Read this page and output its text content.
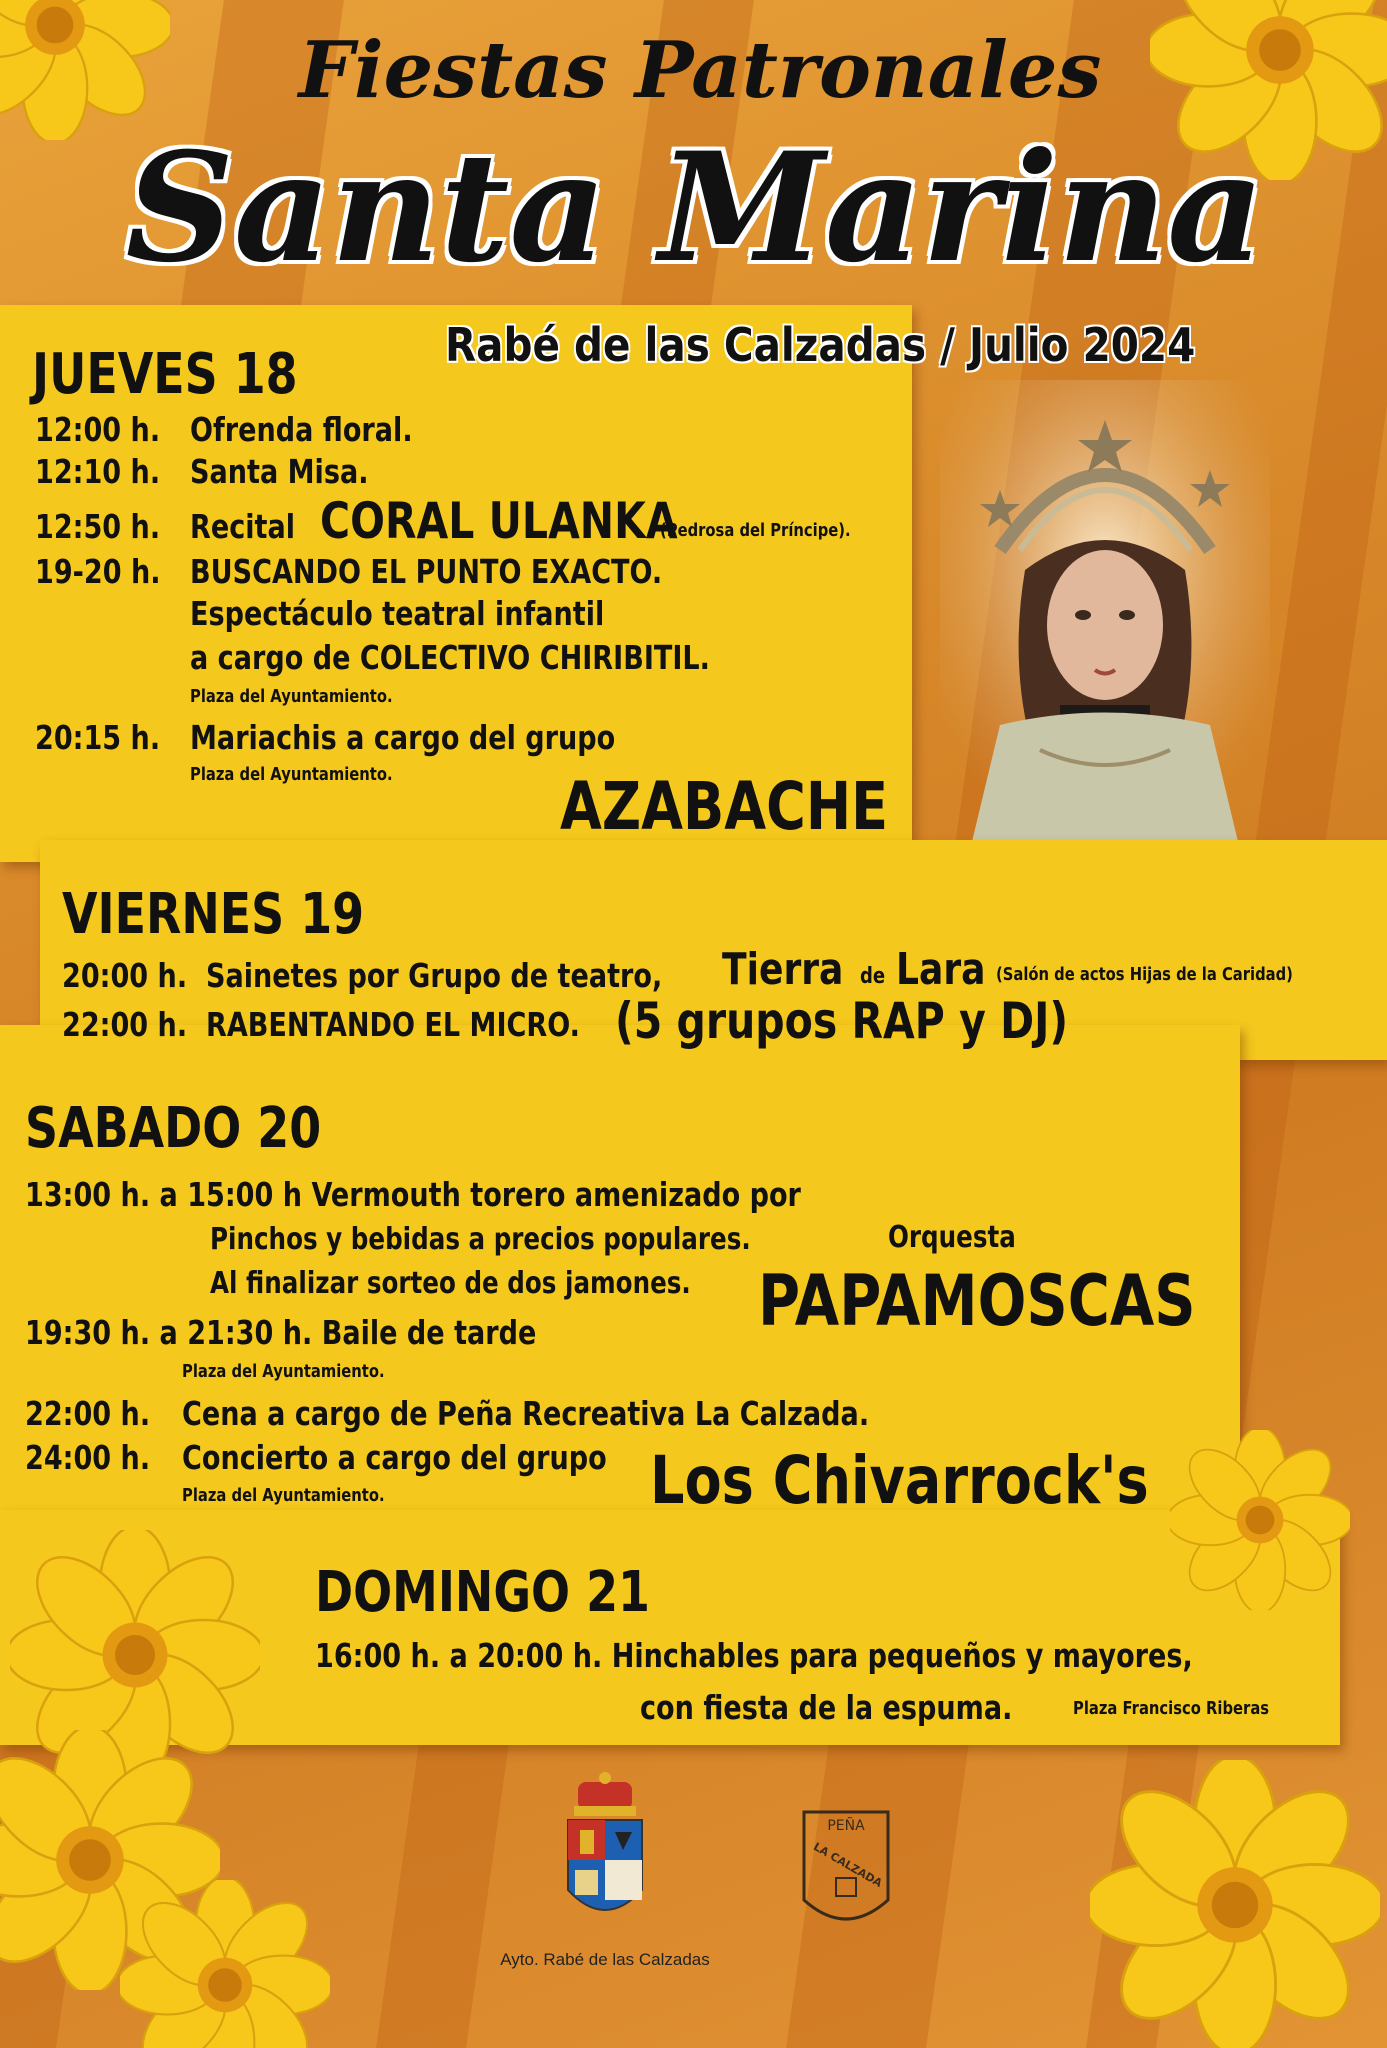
Fiestas Patronales
Santa Marina
Rabé de las Calzadas / Julio 2024
JUEVES 18
12:00 h. Ofrenda floral.
12:10 h. Santa Misa.
12:50 h. Recital CORAL ULANKA
(Pedrosa del Príncipe).
19-20 h. BUSCANDO EL PUNTO EXACTO.
Espectáculo teatral infantil
a cargo de COLECTIVO CHIRIBITIL.
Plaza del Ayuntamiento.
20:15 h. Mariachis a cargo del grupo
Plaza del Ayuntamiento.	AZABACHE
VIERNES 19
20:00 h. Sainetes por Grupo de teatro, Tierra de Lara (Salón de actos Hijas de la Caridad)
22:00 h. RABENTANDO EL MICRO. (5 grupos RAP y DJ)
SABADO 20
13:00 h. a 15:00 h Vermouth torero amenizado por
Pinchos y bebidas a precios populares.
Al finalizar sorteo de dos jamones.
Orquesta
PAPAMOSCAS
19:30 h. a 21:30 h. Baile de tarde
Plaza del Ayuntamiento.
22:00 h. Cena a cargo de Peña Recreativa La Calzada.
24:00 h. Concierto a cargo del grupo
Plaza del Ayuntamiento.	Los Chivarrock's
DOMINGO 21
16:00 h. a 20:00 h. Hinchables para pequeños y mayores,
con fiesta de la espuma.	Plaza Francisco Riberas
Ayto. Rabé de las Calzadas
PEÑA
LA CALZADA
